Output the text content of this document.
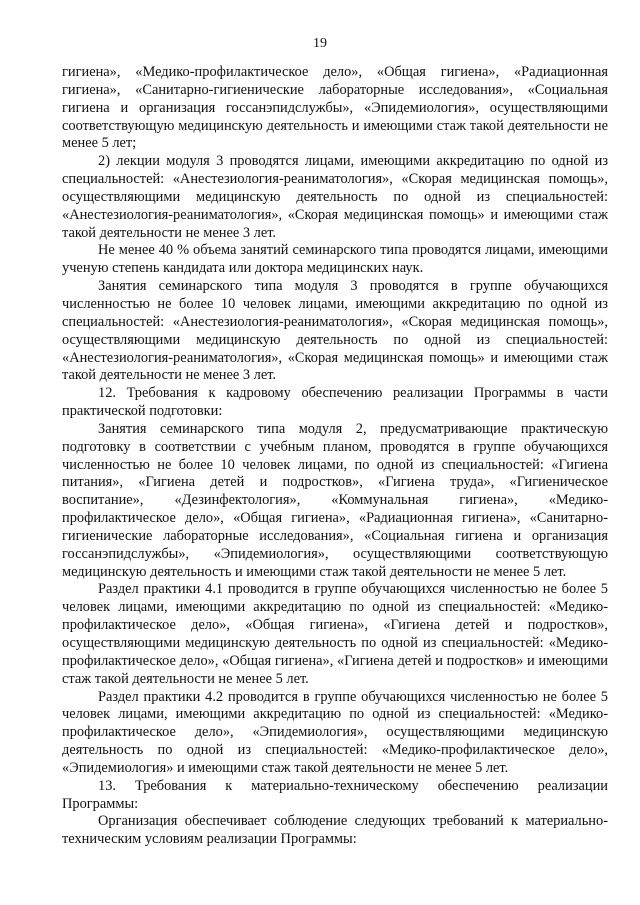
19

гигиена», «Медико-профилактическое дело», «Общая гигиена», «Радиационная гигиена», «Санитарно-гигиенические лабораторные исследования», «Социальная гигиена и организация госсанэпидслужбы», «Эпидемиология», осуществляющими соответствующую медицинскую деятельность и имеющими стаж такой деятельности не менее 5 лет;

2) лекции модуля 3 проводятся лицами, имеющими аккредитацию по одной из специальностей: «Анестезиология-реаниматология», «Скорая медицинская помощь», осуществляющими медицинскую деятельность по одной из специальностей: «Анестезиология-реаниматология», «Скорая медицинская помощь» и имеющими стаж такой деятельности не менее 3 лет.

Не менее 40 % объема занятий семинарского типа проводятся лицами, имеющими ученую степень кандидата или доктора медицинских наук.

Занятия семинарского типа модуля 3 проводятся в группе обучающихся численностью не более 10 человек лицами, имеющими аккредитацию по одной из специальностей: «Анестезиология-реаниматология», «Скорая медицинская помощь», осуществляющими медицинскую деятельность по одной из специальностей: «Анестезиология-реаниматология», «Скорая медицинская помощь» и имеющими стаж такой деятельности не менее 3 лет.

12. Требования к кадровому обеспечению реализации Программы в части практической подготовки:

Занятия семинарского типа модуля 2, предусматривающие практическую подготовку в соответствии с учебным планом, проводятся в группе обучающихся численностью не более 10 человек лицами, по одной из специальностей: «Гигиена питания», «Гигиена детей и подростков», «Гигиена труда», «Гигиеническое воспитание», «Дезинфектология», «Коммунальная гигиена», «Медико-профилактическое дело», «Общая гигиена», «Радиационная гигиена», «Санитарно-гигиенические лабораторные исследования», «Социальная гигиена и организация госсанэпидслужбы», «Эпидемиология», осуществляющими соответствующую медицинскую деятельность и имеющими стаж такой деятельности не менее 5 лет.

Раздел практики 4.1 проводится в группе обучающихся численностью не более 5 человек лицами, имеющими аккредитацию по одной из специальностей: «Медико-профилактическое дело», «Общая гигиена», «Гигиена детей и подростков», осуществляющими медицинскую деятельность по одной из специальностей: «Медико-профилактическое дело», «Общая гигиена», «Гигиена детей и подростков» и имеющими стаж такой деятельности не менее 5 лет.

Раздел практики 4.2 проводится в группе обучающихся численностью не более 5 человек лицами, имеющими аккредитацию по одной из специальностей: «Медико-профилактическое дело», «Эпидемиология», осуществляющими медицинскую деятельность по одной из специальностей: «Медико-профилактическое дело», «Эпидемиология» и имеющими стаж такой деятельности не менее 5 лет.

13. Требования к материально-техническому обеспечению реализации Программы:

Организация обеспечивает соблюдение следующих требований к материально-техническим условиям реализации Программы:
